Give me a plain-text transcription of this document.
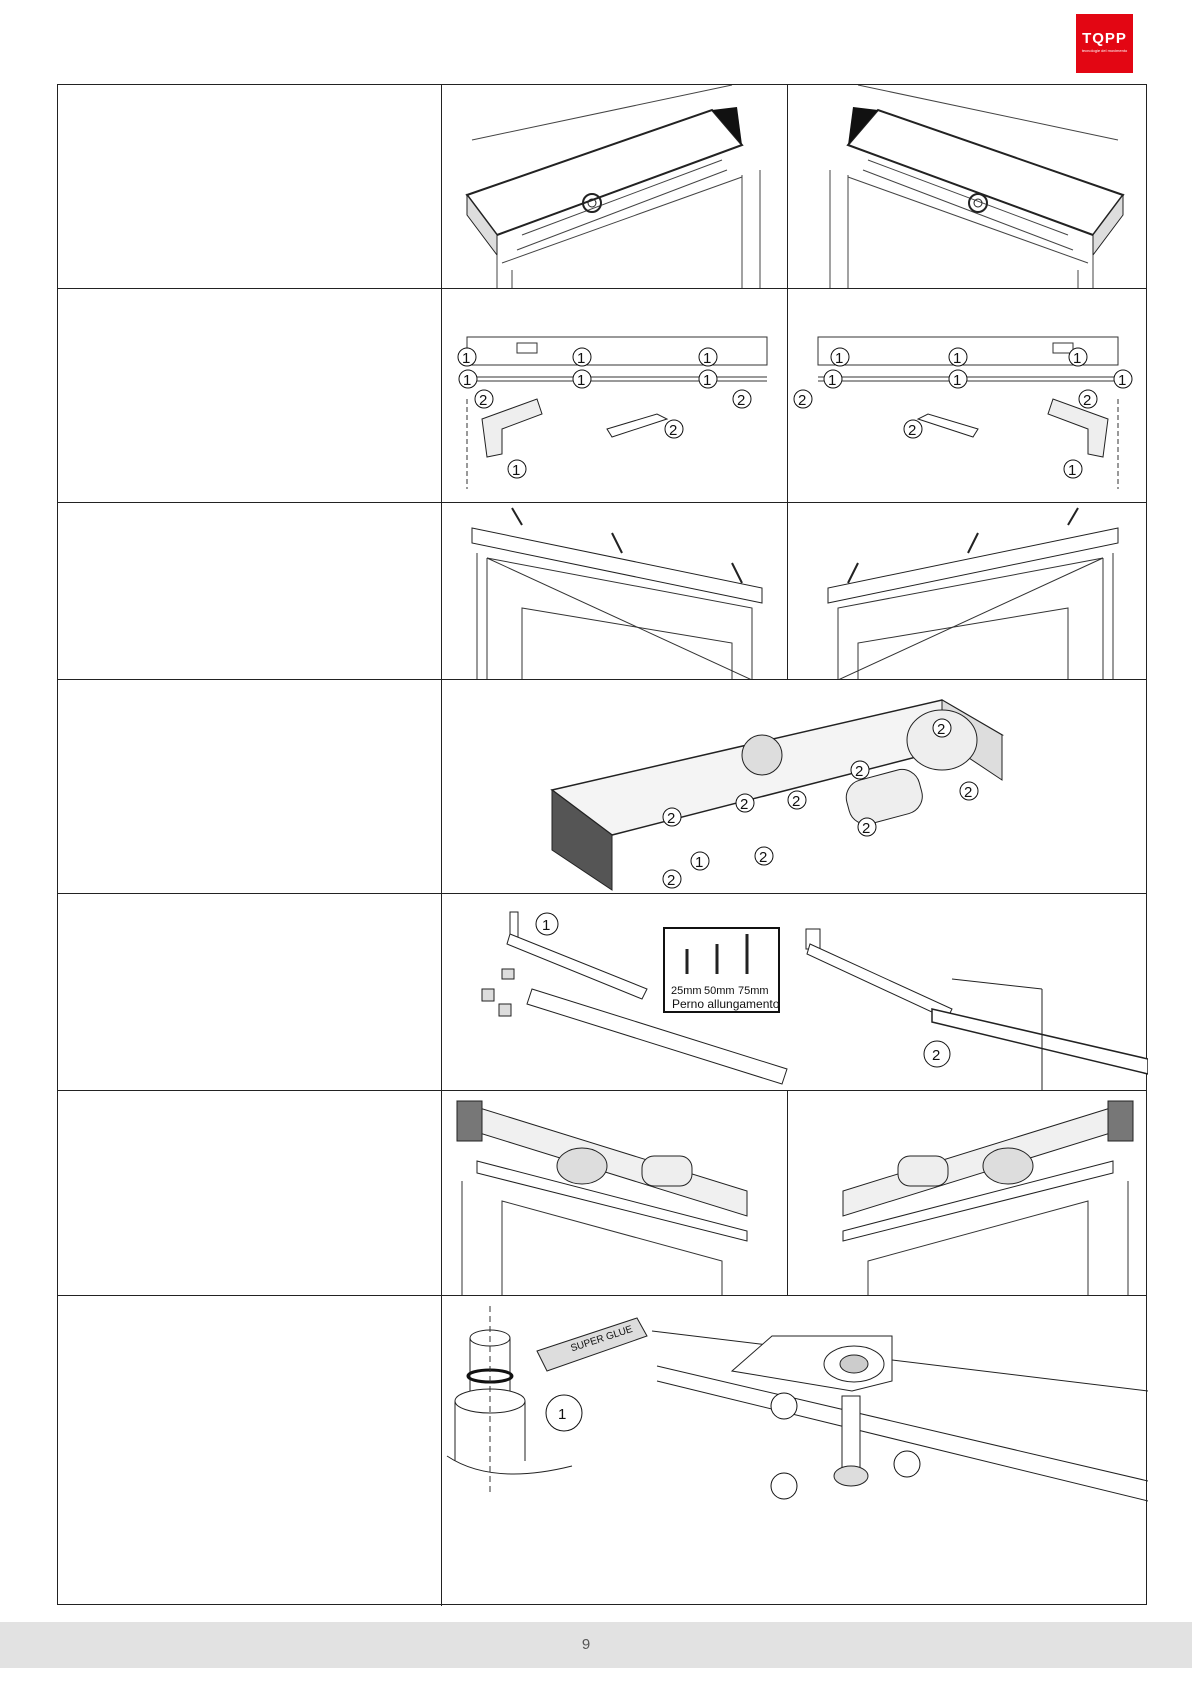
TQPP
tecnologie del movimento
1
1
1
1
1
1
2	2
1
2
1
1
1
1
1
1
2	2
1
2
2
2
2
2
2
2
2
1	2
2
1
25mm 50mm 75mm
Perno allungamento
2
SUPER GLUE
1
9
